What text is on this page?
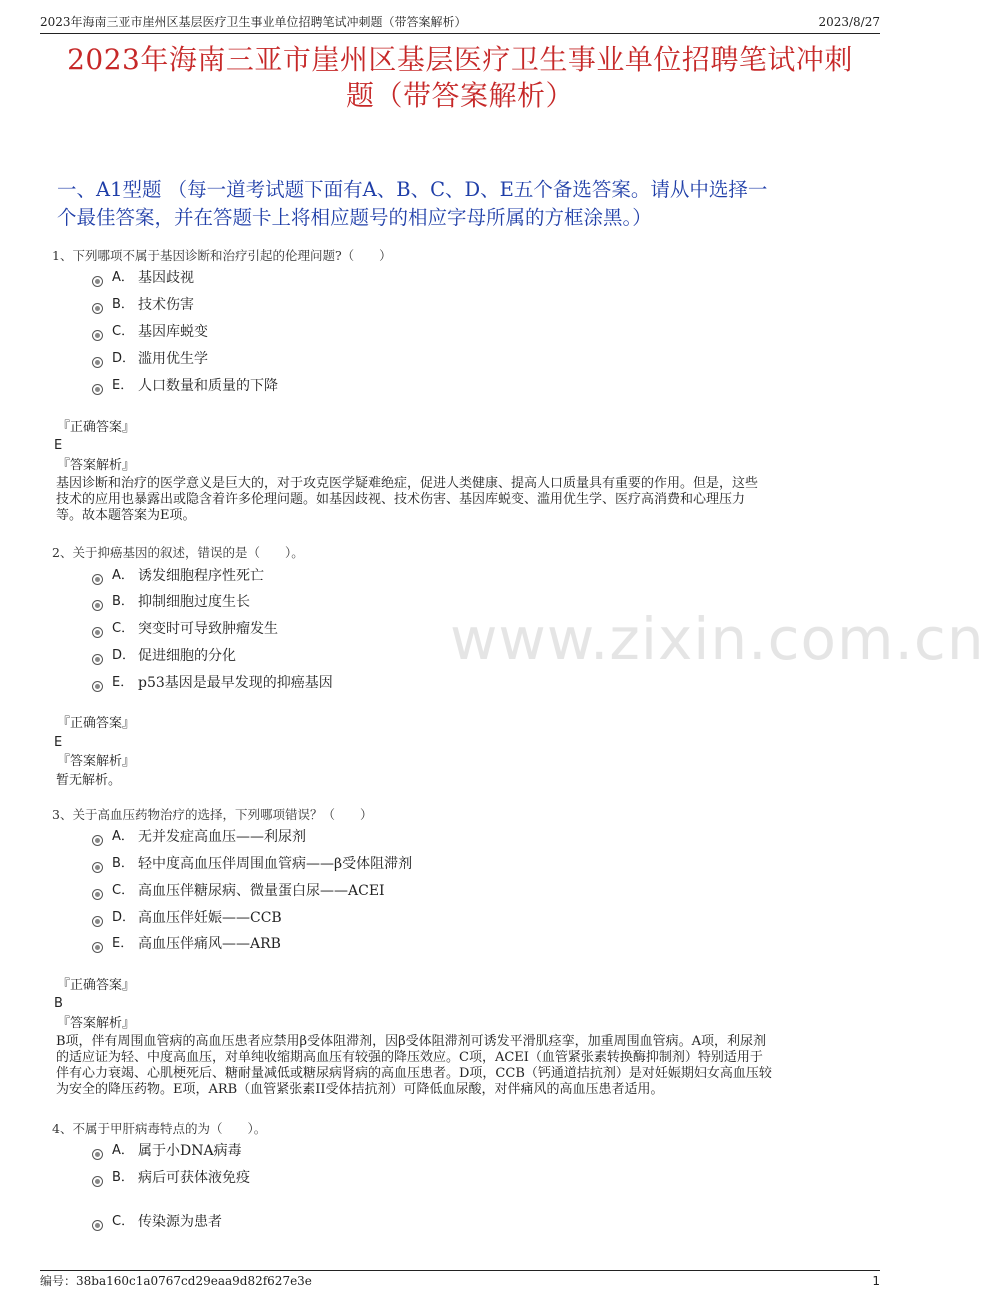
2023年海南三亚市崖州区基层医疗卫生事业单位招聘笔试冲刺题（带答案解析）	2023/8/27
2023年海南三亚市崖州区基层医疗卫生事业单位招聘笔试冲刺
题（带答案解析）
一、A1型题 （每一道考试题下面有A、B、C、D、E五个备选答案。请从中选择一
个最佳答案，并在答题卡上将相应题号的相应字母所属的方框涂黑。）
www.zixin.com.cn
1、下列哪项不属于基因诊断和治疗引起的伦理问题?（　　）
A． 基因歧视
B． 技术伤害
C． 基因库蜕变
D． 滥用优生学
E． 人口数量和质量的下降
『正确答案』
E
『答案解析』
基因诊断和治疗的医学意义是巨大的，对于攻克医学疑难绝症，促进人类健康、提高人口质量具有重要的作用。但是，这些
技术的应用也暴露出或隐含着许多伦理问题。如基因歧视、技术伤害、基因库蜕变、滥用优生学、医疗高消费和心理压力
等。故本题答案为E项。
2、关于抑癌基因的叙述，错误的是（　　）。
A． 诱发细胞程序性死亡
B． 抑制细胞过度生长
C． 突变时可导致肿瘤发生
D． 促进细胞的分化
E． p53基因是最早发现的抑癌基因
『正确答案』
E
『答案解析』
暂无解析。
3、关于高血压药物治疗的选择，下列哪项错误？（　　）
A． 无并发症高血压——利尿剂
B． 轻中度高血压伴周围血管病——β受体阻滞剂
C． 高血压伴糖尿病、微量蛋白尿——ACEI
D． 高血压伴妊娠——CCB
E． 高血压伴痛风——ARB
『正确答案』
B
『答案解析』
B项，伴有周围血管病的高血压患者应禁用β受体阻滞剂，因β受体阻滞剂可诱发平滑肌痉挛，加重周围血管病。A项，利尿剂
的适应证为轻、中度高血压，对单纯收缩期高血压有较强的降压效应。C项，ACEI（血管紧张素转换酶抑制剂）特别适用于
伴有心力衰竭、心肌梗死后、糖耐量减低或糖尿病肾病的高血压患者。D项，CCB（钙通道拮抗剂）是对妊娠期妇女高血压较
为安全的降压药物。E项，ARB（血管紧张素II受体拮抗剂）可降低血尿酸，对伴痛风的高血压患者适用。
4、不属于甲肝病毒特点的为（　　）。
A． 属于小DNA病毒
B． 病后可获体液免疫
C． 传染源为患者
编号：38ba160c1a0767cd29eaa9d82f627e3e	1
